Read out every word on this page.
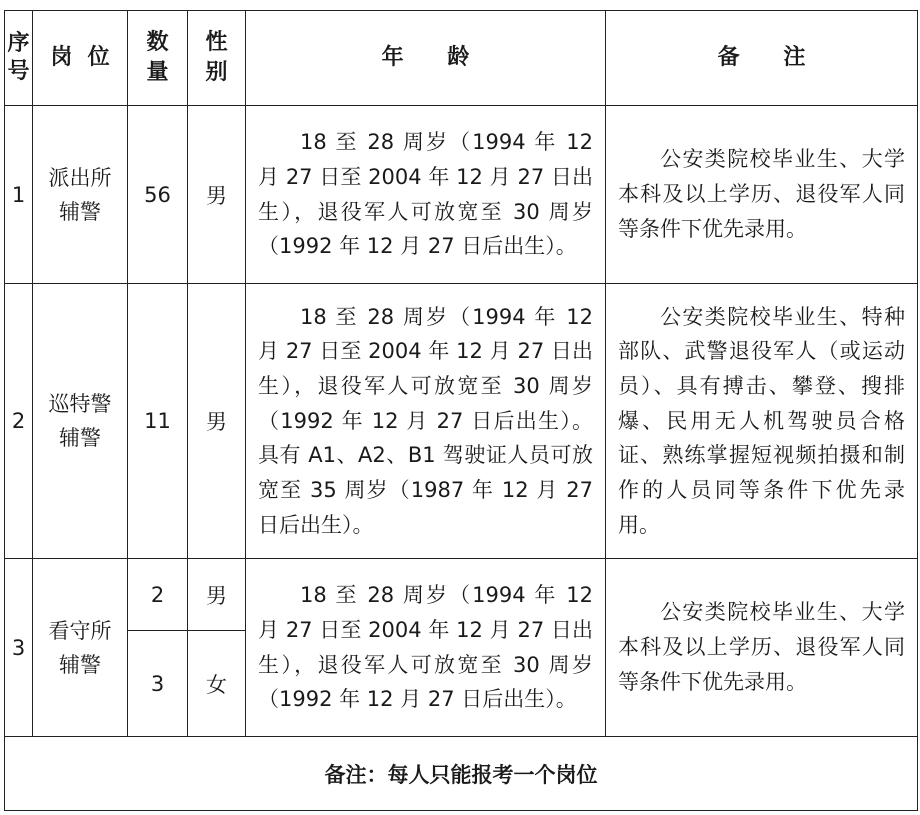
序号	岗  位	数量	性别	年 龄	备 注
1	派出所辅警	56	男	18 至 28 周岁（1994 年 12 月 27 日至 2004 年 12 月 27 日出生），退役军人可放宽至 30 周岁（1992 年 12 月 27 日后出生）。	公安类院校毕业生、大学本科及以上学历、退役军人同等条件下优先录用。
2	巡特警辅警	11	男	18 至 28 周岁（1994 年 12 月 27 日至 2004 年 12 月 27 日出生），退役军人可放宽至 30 周岁（1992 年 12 月 27 日后出生）。具有 A1、A2、B1 驾驶证人员可放宽至 35 周岁（1987 年 12 月 27 日后出生）。	公安类院校毕业生、特种部队、武警退役军人（或运动员）、具有搏击、攀登、搜排爆、民用无人机驾驶员合格证、熟练掌握短视频拍摄和制作的人员同等条件下优先录用。
3	看守所辅警	2	男	18 至 28 周岁（1994 年 12 月 27 日至 2004 年 12 月 27 日出生），退役军人可放宽至 30 周岁（1992 年 12 月 27 日后出生）。	公安类院校毕业生、大学本科及以上学历、退役军人同等条件下优先录用。
		3	女		
备注：每人只能报考一个岗位					
